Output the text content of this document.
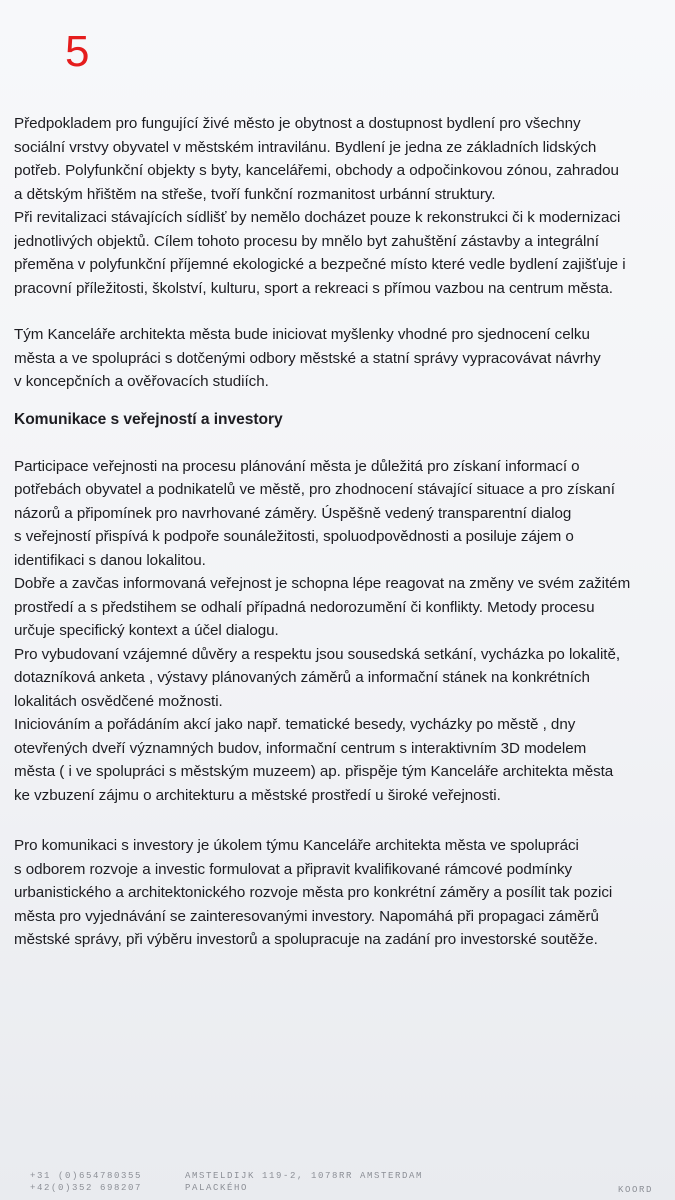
5

Předpokladem pro fungující živé město je obytnost a dostupnost bydlení pro všechny
sociální vrstvy obyvatel v městském intravilánu. Bydlení je jedna ze základních lidských
potřeb. Polyfunkční objekty s byty, kancelářemi, obchody a odpočinkovou zónou, zahradou
a dětským hřištěm na střeše, tvoří funkční rozmanitost urbánní struktury.
Při revitalizaci stávajících sídlišť by nemělo docházet pouze k rekonstrukci či k modernizaci
jednotlivých objektů. Cílem tohoto procesu by mnělo byt zahuštění zástavby a integrální
přeměna v polyfunkční příjemné ekologické a bezpečné místo které vedle bydlení zajišťuje i
pracovní příležitosti, školství, kulturu, sport a rekreaci s přímou vazbou na centrum města.

Tým Kanceláře architekta města bude iniciovat myšlenky vhodné pro sjednocení celku
města a ve spolupráci s dotčenými odbory městské a statní správy vypracovávat návrhy
v koncepčních a ověřovacích studiích.

Komunikace s veřejností a investory

Participace veřejnosti na procesu plánování města je důležitá pro získaní informací o
potřebách obyvatel a podnikatelů ve městě, pro zhodnocení stávající situace a pro získaní
názorů a připomínek pro navrhované záměry. Úspěšně vedený transparentní dialog
s veřejností přispívá k podpoře sounáležitosti, spoluodpovědnosti a posiluje zájem o
identifikaci s danou lokalitou.
Dobře a zavčas informovaná veřejnost je schopna lépe reagovat na změny ve svém zažitém
prostředí a s předstihem se odhalí případná nedorozumění či konflikty. Metody procesu
určuje specifický kontext a účel dialogu.
Pro vybudovaní vzájemné důvěry a respektu jsou sousedská setkání, vycházka po lokalitě,
dotazníková anketa , výstavy plánovaných záměrů a informační stánek na konkrétních
lokalitách osvědčené možnosti.
Iniciováním a pořádáním akcí jako např. tematické besedy, vycházky po městě , dny
otevřených dveří významných budov, informační centrum s interaktivním 3D modelem
města ( i ve spolupráci s městským muzeem) ap. přispěje tým Kanceláře architekta města
ke vzbuzení zájmu o architekturu a městské prostředí u široké veřejnosti.

Pro komunikaci s investory je úkolem týmu Kanceláře architekta města ve spolupráci
s odborem rozvoje a investic formulovat a připravit kvalifikované rámcové podmínky
urbanistického a architektonického rozvoje města pro konkrétní záměry a posílit tak pozici
města pro vyjednávání se zainteresovanými investory. Napomáhá při propagaci záměrů
městské správy, při výběru investorů a spolupracuje na zadání pro investorské soutěže.

+31 (0)654780355
+42(0)352 698207
AMSTELDIJK 119-2, 1078RR AMSTERDAM
PALACKÉHO	KOORD
